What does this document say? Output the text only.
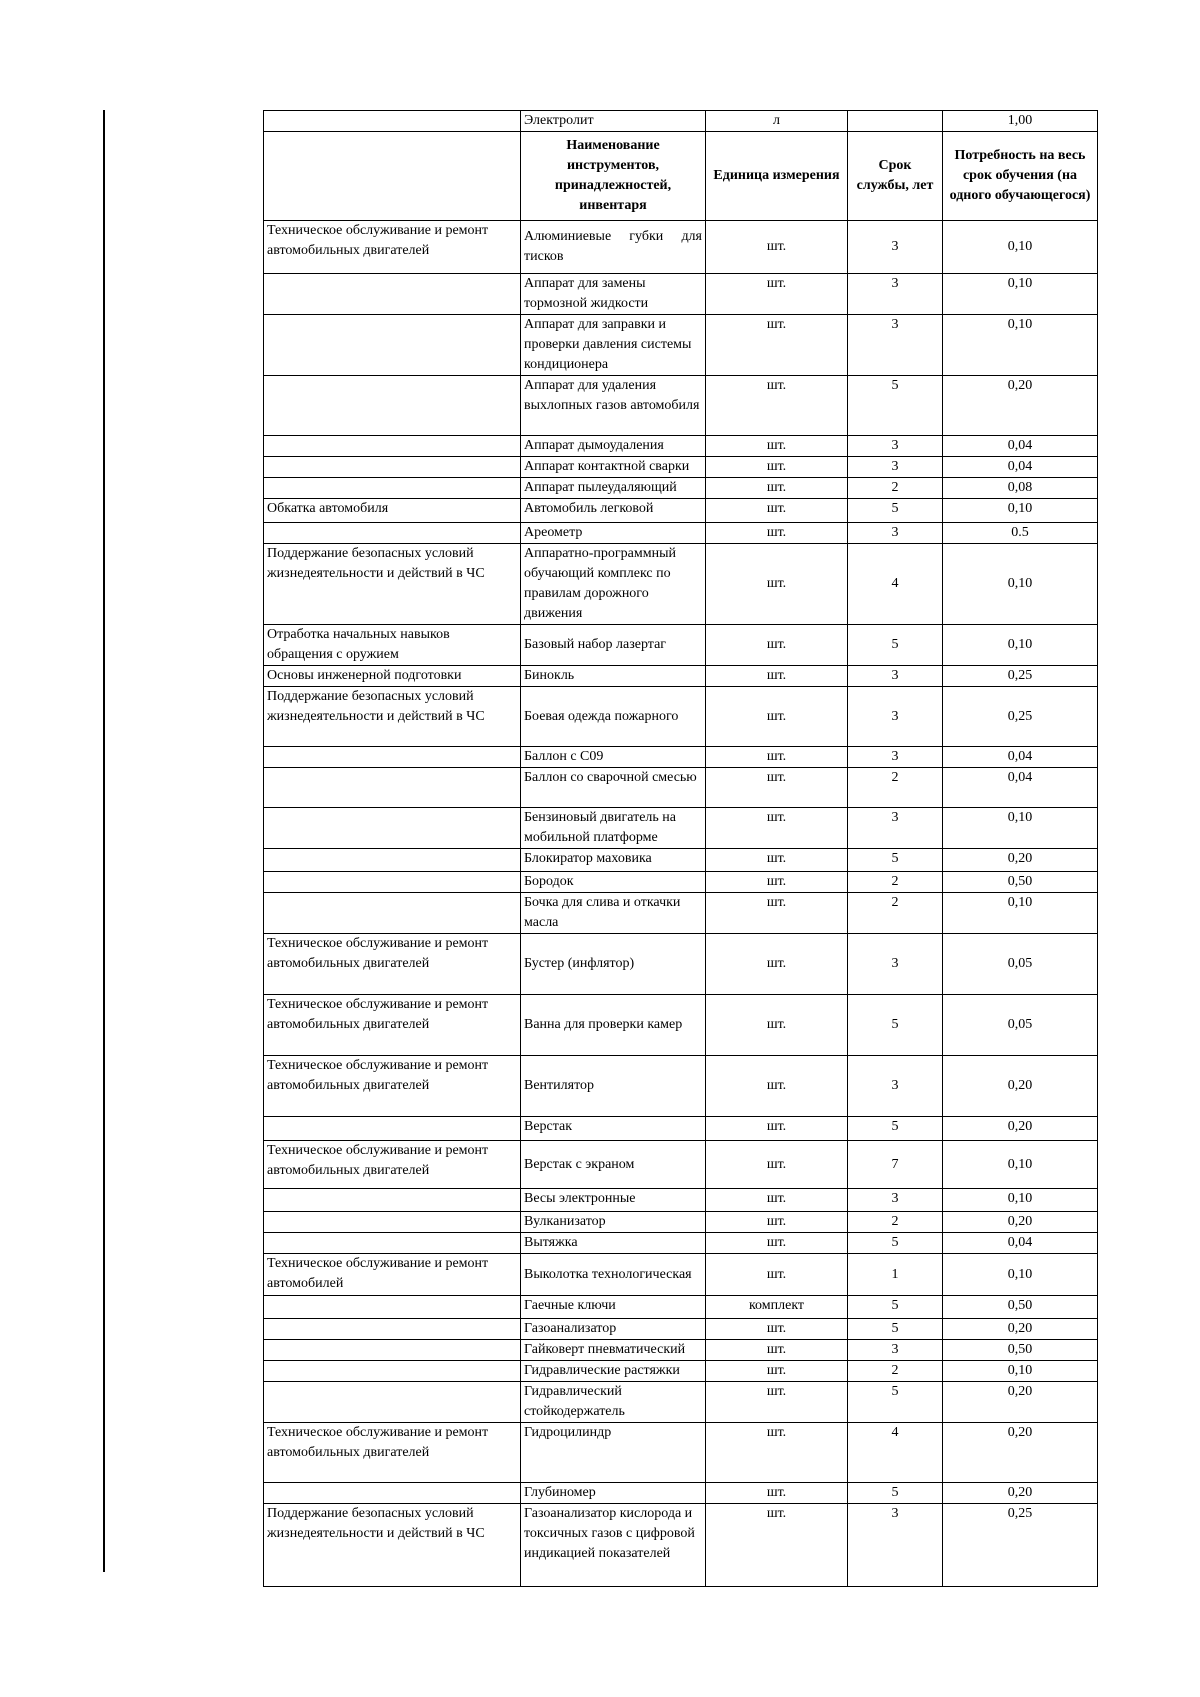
	Электролит	л		1,00
	Наименование инструментов, принадлежностей, инвентаря	Единица измерения	Срок службы, лет	Потребность на весь срок обучения (на одного обучающегося)
Техническое обслуживание и ремонт автомобильных двигателей	Алюминиевые губки для тисков	шт.	3	0,10
	Аппарат для замены тормозной жидкости	шт.	3	0,10
	Аппарат для заправки и проверки давления системы кондиционера	шт.	3	0,10
	Аппарат для удаления выхлопных газов автомобиля	шт.	5	0,20
	Аппарат дымоудаления	шт.	3	0,04
	Аппарат контактной сварки	шт.	3	0,04
	Аппарат пылеудаляющий	шт.	2	0,08
Обкатка автомобиля	Автомобиль легковой	шт.	5	0,10
	Ареометр	шт.	3	0.5
Поддержание безопасных условий жизнедеятельности и действий в ЧС	Аппаратно-программный обучающий комплекс по правилам дорожного движения	шт.	4	0,10
Отработка начальных навыков обращения с оружием	Базовый набор лазертаг	шт.	5	0,10
Основы инженерной подготовки	Бинокль	шт.	3	0,25
Поддержание безопасных условий жизнедеятельности и действий в ЧС	Боевая одежда пожарного	шт.	3	0,25
	Баллон с С09	шт.	3	0,04
	Баллон со сварочной смесью	шт.	2	0,04
	Бензиновый двигатель на мобильной платформе	шт.	3	0,10
	Блокиратор маховика	шт.	5	0,20
	Бородок	шт.	2	0,50
	Бочка для слива и откачки масла	шт.	2	0,10
Техническое обслуживание и ремонт автомобильных двигателей	Бустер (инфлятор)	шт.	3	0,05
Техническое обслуживание и ремонт автомобильных двигателей	Ванна для проверки камер	шт.	5	0,05
Техническое обслуживание и ремонт автомобильных двигателей	Вентилятор	шт.	3	0,20
	Верстак	шт.	5	0,20
Техническое обслуживание и ремонт автомобильных двигателей	Верстак с экраном	шт.	7	0,10
	Весы электронные	шт.	3	0,10
	Вулканизатор	шт.	2	0,20
	Вытяжка	шт.	5	0,04
Техническое обслуживание и ремонт автомобилей	Выколотка технологическая	шт.	1	0,10
	Гаечные ключи	комплект	5	0,50
	Газоанализатор	шт.	5	0,20
	Гайковерт пневматический	шт.	3	0,50
	Гидравлические растяжки	шт.	2	0,10
	Гидравлический стойкодержатель	шт.	5	0,20
Техническое обслуживание и ремонт автомобильных двигателей	Гидроцилиндр	шт.	4	0,20
	Глубиномер	шт.	5	0,20
Поддержание безопасных условий жизнедеятельности и действий в ЧС	Газоанализатор кислорода и токсичных газов с цифровой индикацией показателей	шт.	3	0,25
